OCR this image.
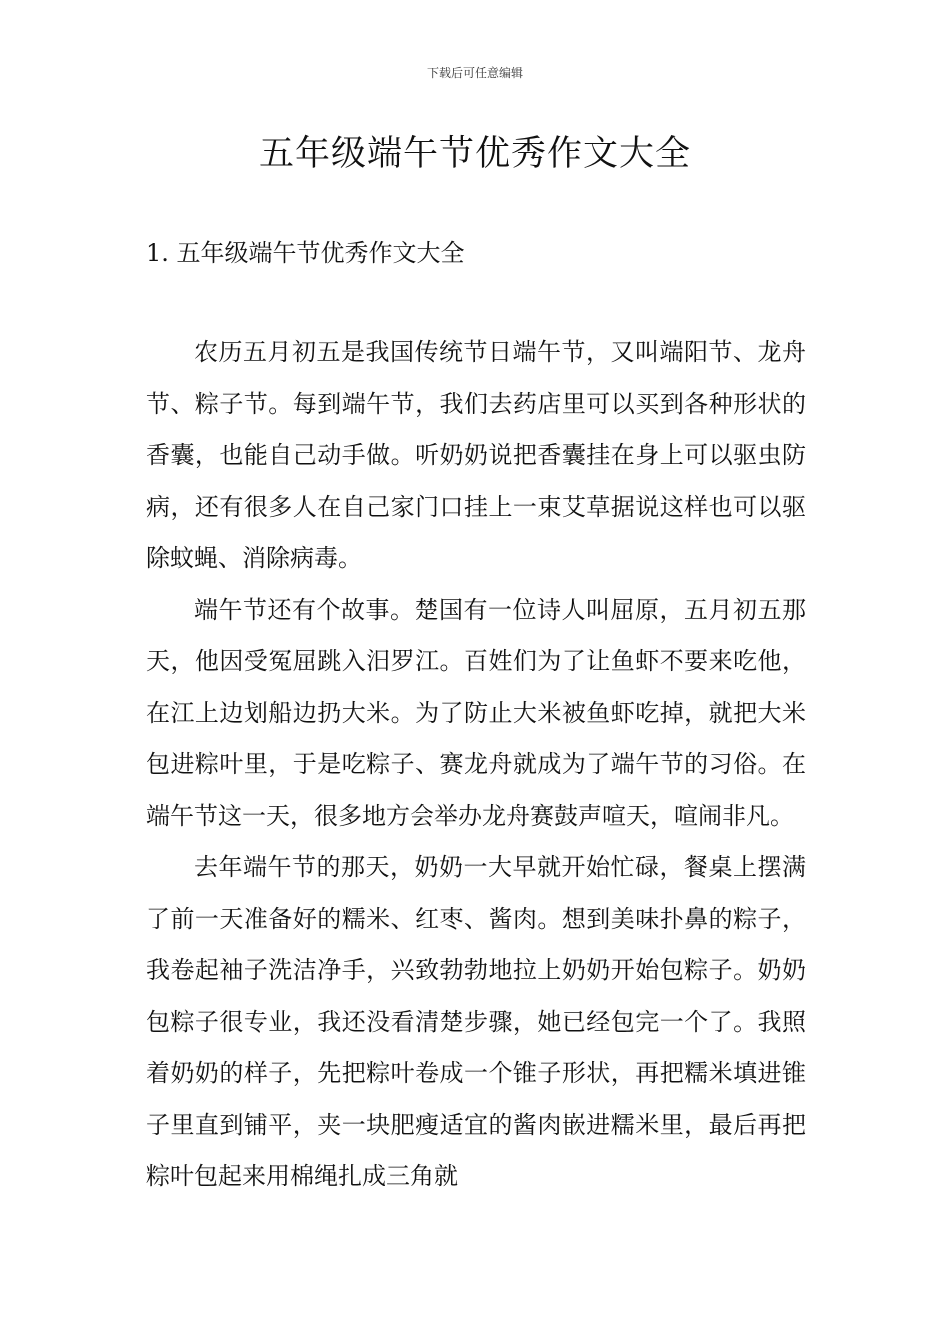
下载后可任意编辑
五年级端午节优秀作文大全
1. 五年级端午节优秀作文大全

农历五月初五是我国传统节日端午节，又叫端阳节、龙舟节、粽子节。每到端午节，我们去药店里可以买到各种形状的香囊，也能自己动手做。听奶奶说把香囊挂在身上可以驱虫防病，还有很多人在自己家门口挂上一束艾草据说这样也可以驱除蚊蝇、消除病毒。

端午节还有个故事。楚国有一位诗人叫屈原，五月初五那天，他因受冤屈跳入汨罗江。百姓们为了让鱼虾不要来吃他，在江上边划船边扔大米。为了防止大米被鱼虾吃掉，就把大米包进粽叶里，于是吃粽子、赛龙舟就成为了端午节的习俗。在端午节这一天，很多地方会举办龙舟赛鼓声喧天，喧闹非凡。

去年端午节的那天，奶奶一大早就开始忙碌，餐桌上摆满了前一天准备好的糯米、红枣、酱肉。想到美味扑鼻的粽子，我卷起袖子洗洁净手，兴致勃勃地拉上奶奶开始包粽子。奶奶包粽子很专业，我还没看清楚步骤，她已经包完一个了。我照着奶奶的样子，先把粽叶卷成一个锥子形状，再把糯米填进锥子里直到铺平，夹一块肥瘦适宜的酱肉嵌进糯米里，最后再把粽叶包起来用棉绳扎成三角就
